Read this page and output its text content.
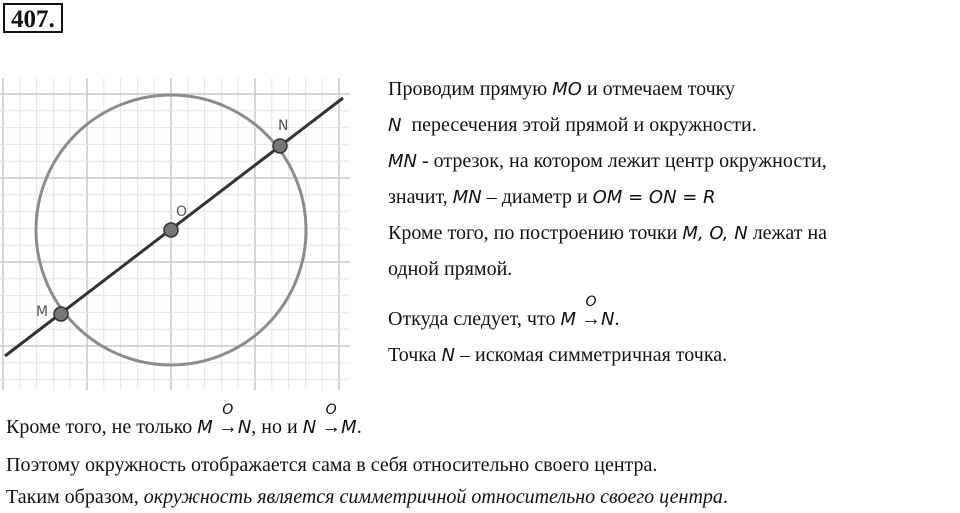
407.
M
O
N
Проводим прямую MO и отмечаем точку
N  пересечения этой прямой и окружности.
MN - отрезок, на котором лежит центр окружности,
значит, MN – диаметр и OM = ON = R
Кроме того, по построению точки M, O, N лежат на
одной прямой.
Откуда следует, что M
O
→N.
Точка N – искомая симметричная точка.
Кроме того, не только M
O
→N, но и N
O
→M.
Поэтому окружность отображается сама в себя относительно своего центра.
Таким образом, окружность является симметричной относительно своего центра.
